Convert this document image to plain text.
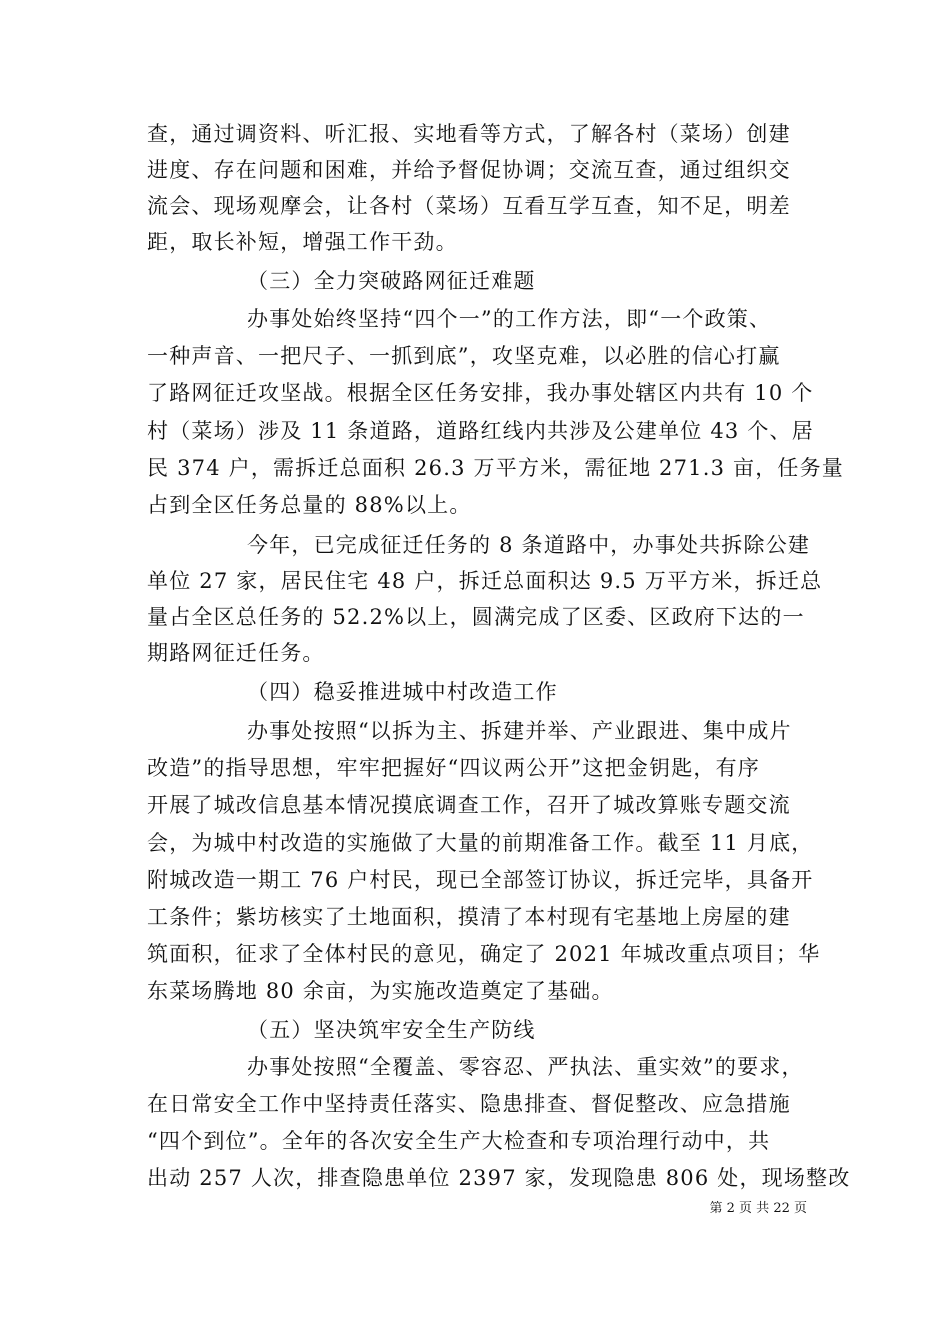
查，通过调资料、听汇报、实地看等方式，了解各村（菜场）创建
进度、存在问题和困难，并给予督促协调；交流互查，通过组织交
流会、现场观摩会，让各村（菜场）互看互学互查，知不足，明差
距，取长补短，增强工作干劲。
（三）全力突破路网征迁难题
办事处始终坚持“四个一”的工作方法，即“一个政策、
一种声音、一把尺子、一抓到底”，攻坚克难，以必胜的信心打赢
了路网征迁攻坚战。根据全区任务安排，我办事处辖区内共有 10 个
村（菜场）涉及 11 条道路，道路红线内共涉及公建单位 43 个、居
民 374 户，需拆迁总面积 26.3 万平方米，需征地 271.3 亩，任务量
占到全区任务总量的 88%以上。
今年，已完成征迁任务的 8 条道路中，办事处共拆除公建
单位 27 家，居民住宅 48 户，拆迁总面积达 9.5 万平方米，拆迁总
量占全区总任务的 52.2%以上，圆满完成了区委、区政府下达的一
期路网征迁任务。
（四）稳妥推进城中村改造工作
办事处按照“以拆为主、拆建并举、产业跟进、集中成片
改造”的指导思想，牢牢把握好“四议两公开”这把金钥匙，有序
开展了城改信息基本情况摸底调查工作，召开了城改算账专题交流
会，为城中村改造的实施做了大量的前期准备工作。截至 11 月底，
附城改造一期工 76 户村民，现已全部签订协议，拆迁完毕，具备开
工条件；紫坊核实了土地面积，摸清了本村现有宅基地上房屋的建
筑面积，征求了全体村民的意见，确定了 2021 年城改重点项目；华
东菜场腾地 80 余亩，为实施改造奠定了基础。
（五）坚决筑牢安全生产防线
办事处按照“全覆盖、零容忍、严执法、重实效”的要求，
在日常安全工作中坚持责任落实、隐患排查、督促整改、应急措施
“四个到位”。全年的各次安全生产大检查和专项治理行动中，共
出动 257 人次，排查隐患单位 2397 家，发现隐患 806 处，现场整改
第 2 页 共 22 页
